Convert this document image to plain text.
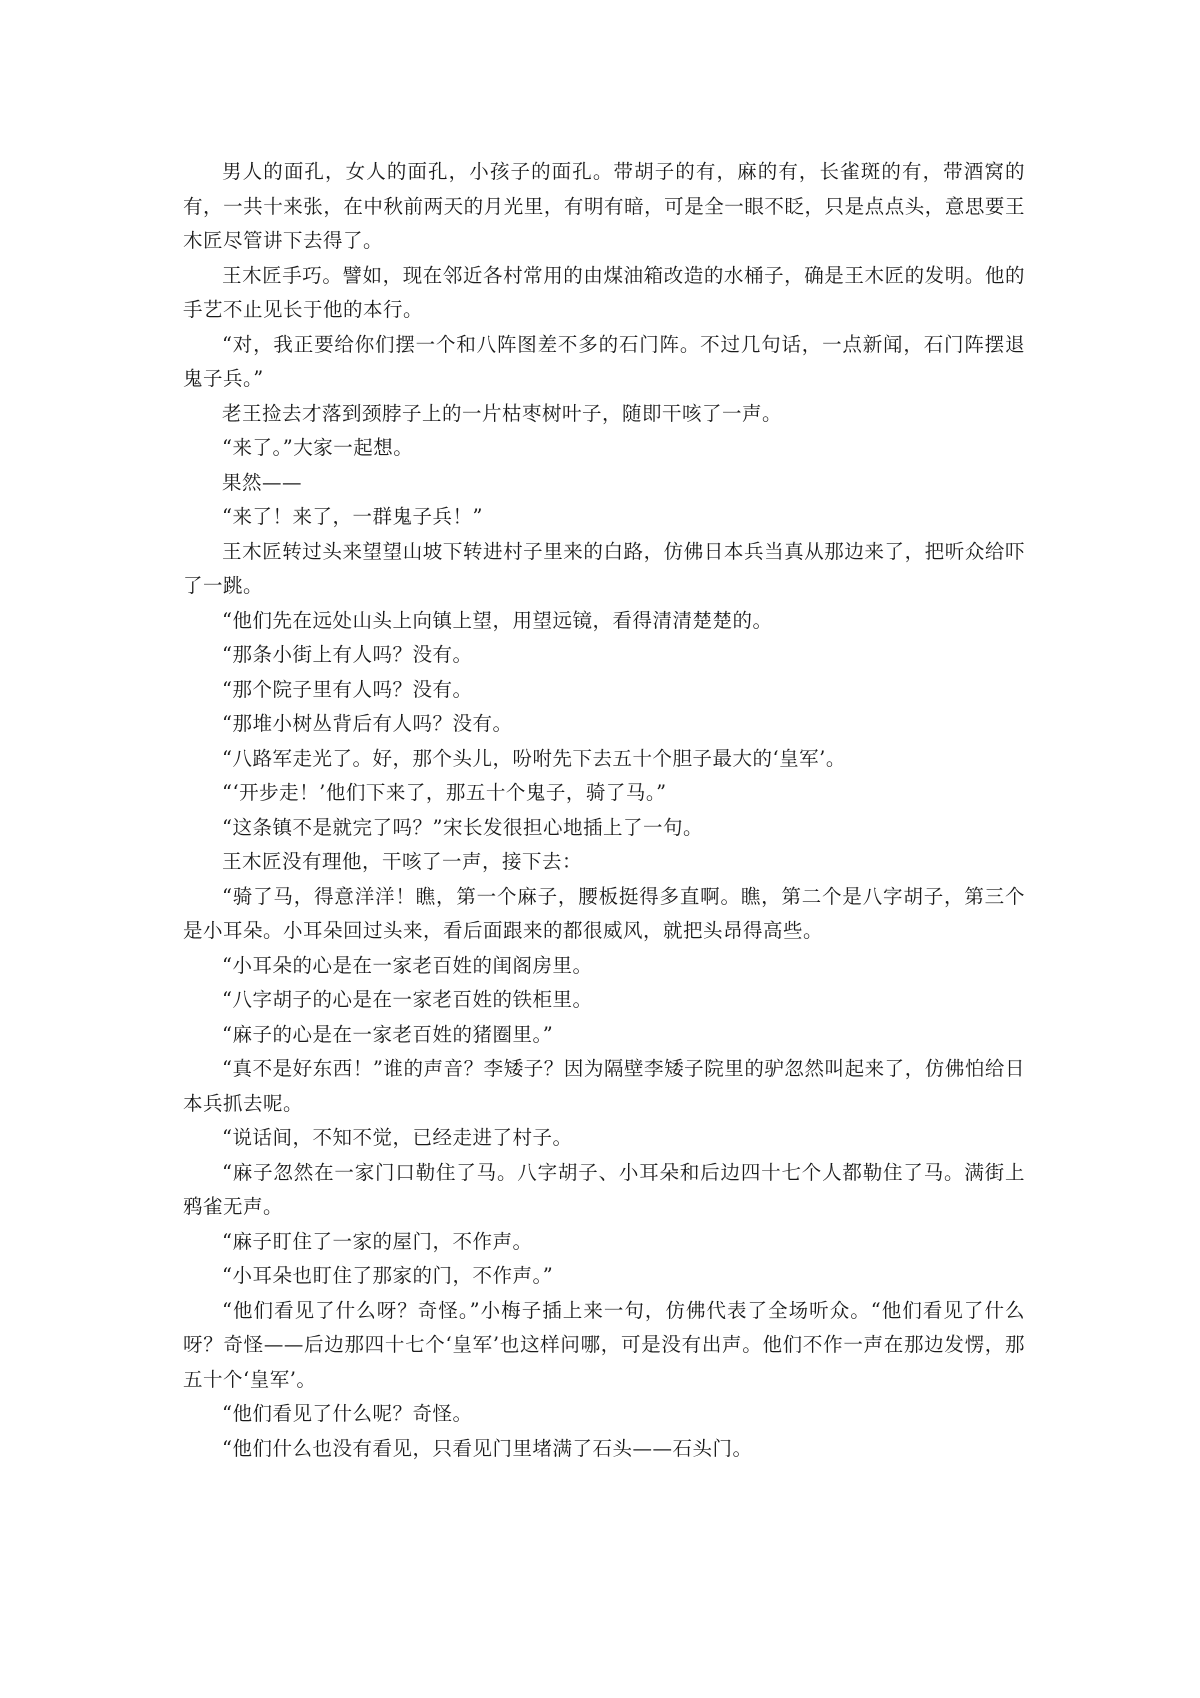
男人的面孔，女人的面孔，小孩子的面孔。带胡子的有，麻的有，长雀斑的有，带酒窝的有，一共十来张，在中秋前两天的月光里，有明有暗，可是全一眼不眨，只是点点头，意思要王木匠尽管讲下去得了。

王木匠手巧。譬如，现在邻近各村常用的由煤油箱改造的水桶子，确是王木匠的发明。他的手艺不止见长于他的本行。

“对，我正要给你们摆一个和八阵图差不多的石门阵。不过几句话，一点新闻，石门阵摆退鬼子兵。”

老王捡去才落到颈脖子上的一片枯枣树叶子，随即干咳了一声。

“来了。”大家一起想。

果然——

“来了！来了，一群鬼子兵！”

王木匠转过头来望望山坡下转进村子里来的白路，仿佛日本兵当真从那边来了，把听众给吓了一跳。

“他们先在远处山头上向镇上望，用望远镜，看得清清楚楚的。

“那条小街上有人吗？没有。

“那个院子里有人吗？没有。

“那堆小树丛背后有人吗？没有。

“八路军走光了。好，那个头儿，吩咐先下去五十个胆子最大的‘皇军’。

“‘开步走！’他们下来了，那五十个鬼子，骑了马。”

“这条镇不是就完了吗？”宋长发很担心地插上了一句。

王木匠没有理他，干咳了一声，接下去：

“骑了马，得意洋洋！瞧，第一个麻子，腰板挺得多直啊。瞧，第二个是八字胡子，第三个是小耳朵。小耳朵回过头来，看后面跟来的都很威风，就把头昂得高些。

“小耳朵的心是在一家老百姓的闺阁房里。

“八字胡子的心是在一家老百姓的铁柜里。

“麻子的心是在一家老百姓的猪圈里。”

“真不是好东西！”谁的声音？李矮子？因为隔壁李矮子院里的驴忽然叫起来了，仿佛怕给日本兵抓去呢。

“说话间，不知不觉，已经走进了村子。

“麻子忽然在一家门口勒住了马。八字胡子、小耳朵和后边四十七个人都勒住了马。满街上鸦雀无声。

“麻子盯住了一家的屋门，不作声。

“小耳朵也盯住了那家的门，不作声。”

“他们看见了什么呀？奇怪。”小梅子插上来一句，仿佛代表了全场听众。“他们看见了什么呀？奇怪——后边那四十七个‘皇军’也这样问哪，可是没有出声。他们不作一声在那边发愣，那五十个‘皇军’。

“他们看见了什么呢？奇怪。

“他们什么也没有看见，只看见门里堵满了石头——石头门。
